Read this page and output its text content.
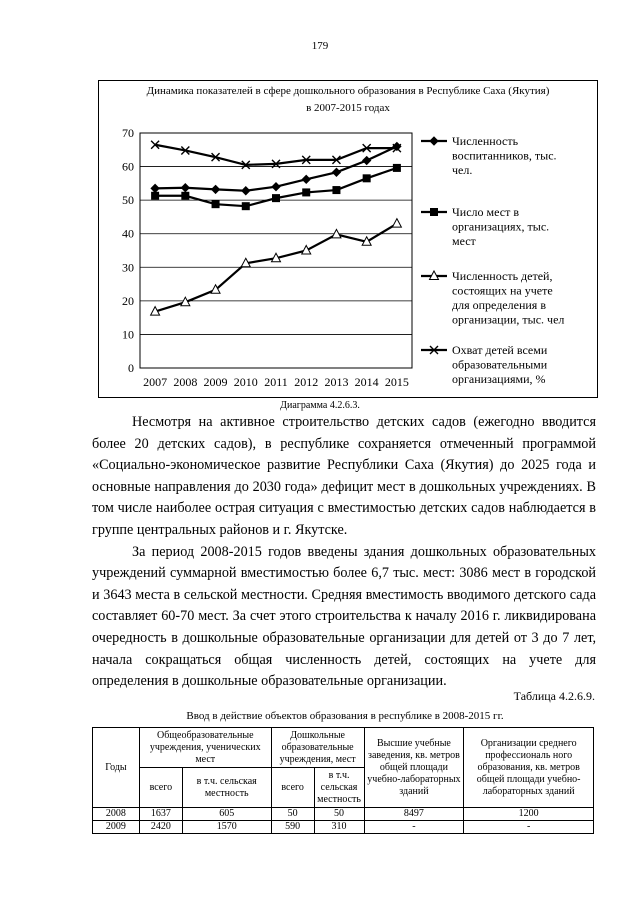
179
Динамика показателей в сфере дошкольного образования в Республике Саха (Якутия)
в 2007-2015 годах
0
10
20
30
40
50
60
70
2007 2008 2009 2010 2011 2012 2013 2014 2015
Численность
воспитанников, тыс.
чел.
Число мест в
организациях, тыс.
мест
Численность детей,
состоящих на учете
для определения в
организации, тыс. чел
Охват детей всеми
образовательными
организациями, %
Диаграмма 4.2.6.3.

Несмотря на активное строительство детских садов (ежегодно вводится более 20 детских садов), в республике сохраняется отмеченный программой «Социально-экономическое развитие Республики Саха (Якутия) до 2025 года и основные направления до 2030 года» дефицит мест в дошкольных учреждениях. В том числе наиболее острая ситуация с вместимостью детских садов наблюдается в группе центральных районов и г. Якутске.

За период 2008-2015 годов введены здания дошкольных образовательных учреждений суммарной вместимостью более 6,7 тыс. мест: 3086 мест в городской и 3643 места в сельской местности. Средняя вместимость вводимого детского сада составляет 60-70 мест. За счет этого строительства к началу 2016 г. ликвидирована очередность в дошкольные образовательные организации для детей от 3 до 7 лет, начала сокращаться общая численность детей, состоящих на учете для определения в дошкольные образовательные организации.

Таблица 4.2.6.9.
Ввод в действие объектов образования в республике в 2008-2015 гг.
Годы	Общеобразовательные учреждения, ученических мест		Дошкольные образовательные учреждения, мест		Высшие учебные заведения, кв. метров общей площади учебно-лабораторных зданий	Организации среднего профессиональ ного образования, кв. метров общей площади учебно-лабораторных зданий
	всего	в т.ч. сельская местность	всего	в т.ч. сельская местность		
2008	1637	605	50	50	8497	1200
2009	2420	1570	590	310	-	-
